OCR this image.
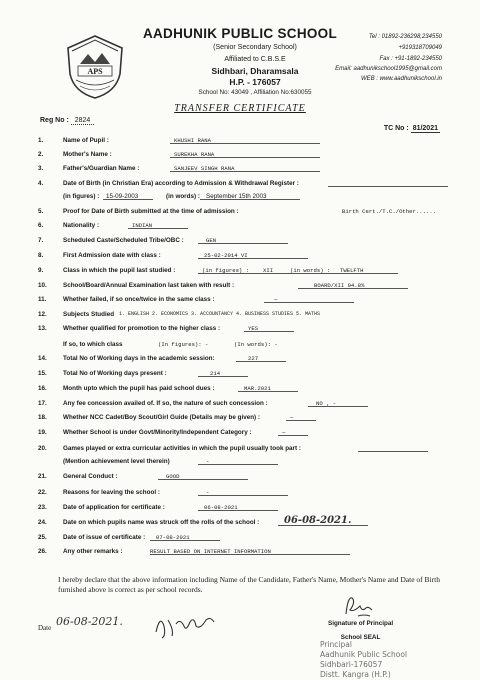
APS
AADHUNIK PUBLIC SCHOOL
(Senior Secondary School)
Affiliated to C.B.S.E
Sidhbari, Dharamsala
H.P. - 176057
School No: 43049 , Affiliation No:630055
Tel : 01892-236298,234550
+919318709049
Fax : +91-1892-234550
Email: aadhunikschool1995@gmail.com
WEB : www.aadhunikschool.in
TRANSFER CERTIFICATE
Reg No : 2824
TC No : 81/2021
1.	Name of Pupil :	KHUSHI RANA
2.	Mother's Name :	SUREKHA RANA
3.	Father's/Guardian Name :	SANJEEV SINGH RANA
4.	Date of Birth (in Christian Era) according to Admission & Withdrawal Register :
(in figures) : 15-09-2003	(in words) : September 15th 2003
5.	Proof for Date of Birth submitted at the time of admission :	Birth Cert./T.C./Other......
6.	Nationality :	INDIAN
7.	Scheduled Caste/Scheduled Tribe/OBC :	GEN
8.	First Admission date with class :	25-02-2014 VI
9.	Class in which the pupil last studied :	(in figures) :	XII	(in words) : TWELFTH
10.	School/Board/Annual Examination last taken with result :	BOARD/XII 94.8%
11.	Whether failed, if so once/twice in the same class :	—
12.	Subjects Studied 1. ENGLISH 2. ECONOMICS 3. ACCOUNTANCY 4. BUSINESS STUDIES 5. MATHS
13.	Whether qualified for promotion to the higher class :	YES
If so, to which class	(In figures): -	(In words): -
14.	Total No of Working days in the academic session:	227
15.	Total No of Working days present :	214
16.	Month upto which the pupil has paid school dues :	MAR.2021
17.	Any fee concession availed of. If so, the nature of such concession :	NO , -
18.	Whether NCC Cadet/Boy Scout/Girl Guide (Details may be given) :	—
19.	Whether School is under Govt/Minority/Independent Category :	—
20.	Games played or extra curricular activities in which the pupil usually took part :
(Mention achievement level therein)	-
21.	General Conduct :	GOOD
22.	Reasons for leaving the school :	-
23.	Date of application for certificate :	06-08-2021
24.	Date on which pupils name was struck off the rolls of the school : 06-08-2021.
25.	Date of issue of certificate : 07-08-2021
26.	Any other remarks :	RESULT BASED ON INTERNET INFORMATION
I hereby declare that the above information including Name of the Candidate, Father's Name, Mother's Name and Date of Birth furnished above is correct as per school records.
Date 06-08-2021.	Signature of Principal
School SEAL
Principal
Aadhunik Public School
Sidhbari-176057
Distt. Kangra (H.P.)
